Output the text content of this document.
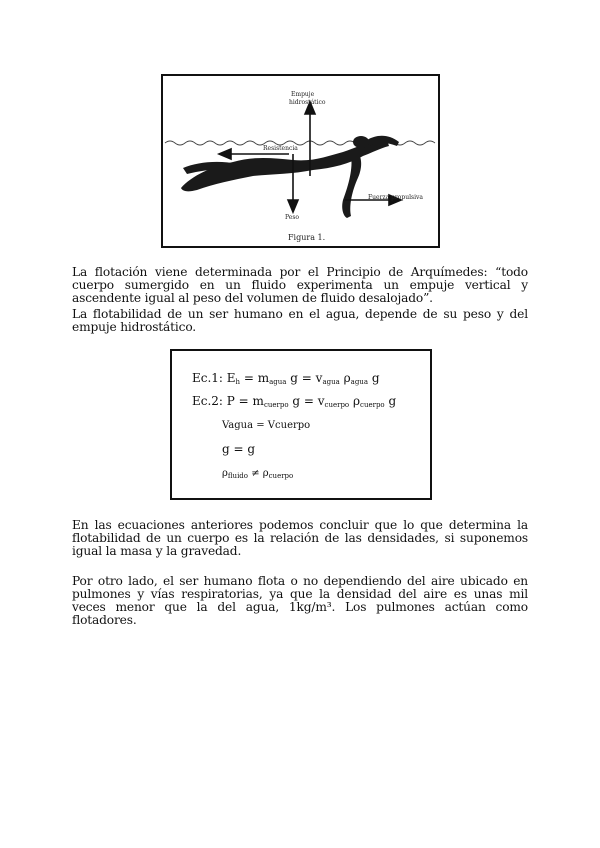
Empuje
hidrostático
Resistencia
Peso
Fuerza propulsiva
Figura 1.

La flotación viene determinada por el Principio de Arquímedes: “todo cuerpo sumergido en un fluido experimenta un empuje vertical y ascendente igual al peso del volumen de fluido desalojado”.

La flotabilidad de un ser humano en el agua, depende de su peso y del empuje hidrostático.

Ec.1: $E_h = m_{agua}$ $g = v_{agua}$ $\rho_{agua}$ g
Ec.2: $P = m_{cuerpo}$ $g = v_{cuerpo}$ $\rho_{cuerpo}$ g
Vagua = Vcuerpo
g = g
$\rho_{fluido} \ne \rho_{cuerpo}$

En las ecuaciones anteriores podemos concluir que lo que determina la flotabilidad de un cuerpo es la relación de las densidades, si suponemos igual la masa y la gravedad.

Por otro lado, el ser humano flota o no dependiendo del aire ubicado en pulmones y vías respiratorias, ya que la densidad del aire es unas mil veces menor que la del agua, 1kg/m³. Los pulmones actúan como flotadores.
